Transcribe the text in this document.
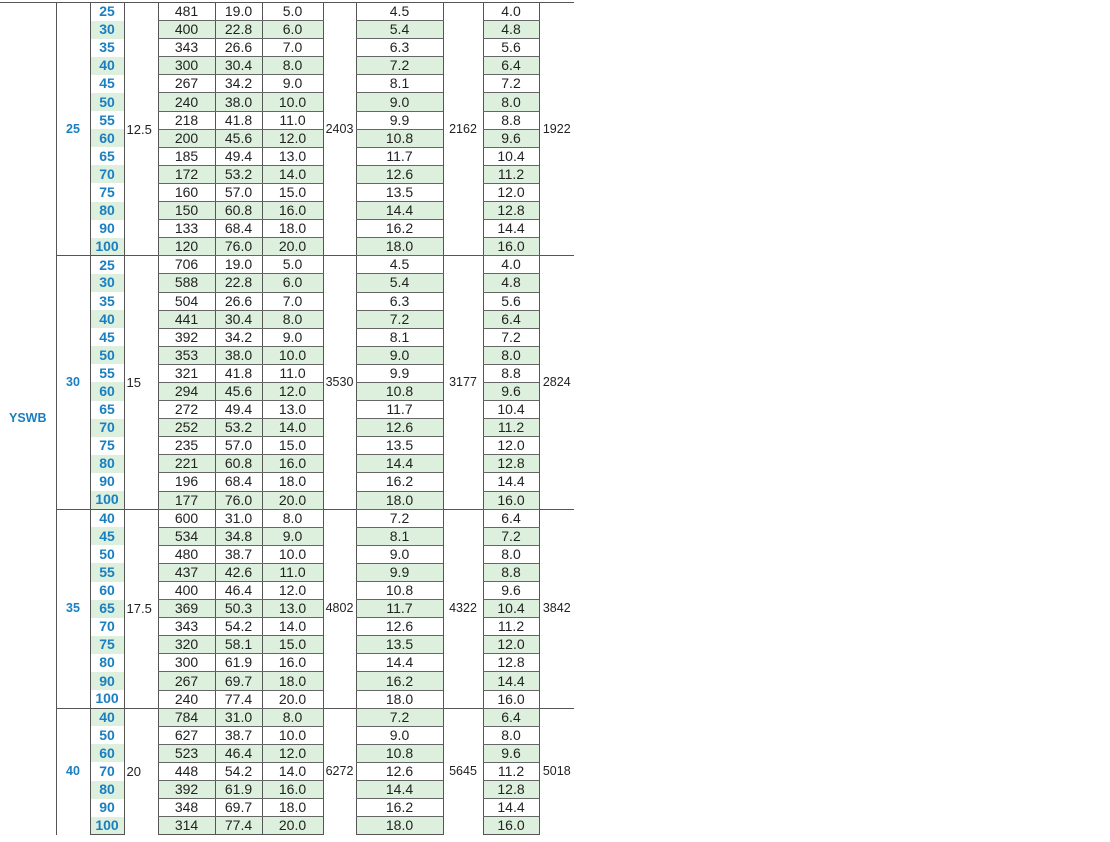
YSWB	25	25	12.5	481	19.0	5.0	2403	4.5	2162	4.0	1922
		30		400	22.8	6.0		5.4		4.8	
		35		343	26.6	7.0		6.3		5.6	
		40		300	30.4	8.0		7.2		6.4	
		45		267	34.2	9.0		8.1		7.2	
		50		240	38.0	10.0		9.0		8.0	
		55		218	41.8	11.0		9.9		8.8	
		60		200	45.6	12.0		10.8		9.6	
		65		185	49.4	13.0		11.7		10.4	
		70		172	53.2	14.0		12.6		11.2	
		75		160	57.0	15.0		13.5		12.0	
		80		150	60.8	16.0		14.4		12.8	
		90		133	68.4	18.0		16.2		14.4	
		100		120	76.0	20.0		18.0		16.0	
	30	25	15	706	19.0	5.0	3530	4.5	3177	4.0	2824
		30		588	22.8	6.0		5.4		4.8	
		35		504	26.6	7.0		6.3		5.6	
		40		441	30.4	8.0		7.2		6.4	
		45		392	34.2	9.0		8.1		7.2	
		50		353	38.0	10.0		9.0		8.0	
		55		321	41.8	11.0		9.9		8.8	
		60		294	45.6	12.0		10.8		9.6	
		65		272	49.4	13.0		11.7		10.4	
		70		252	53.2	14.0		12.6		11.2	
		75		235	57.0	15.0		13.5		12.0	
		80		221	60.8	16.0		14.4		12.8	
		90		196	68.4	18.0		16.2		14.4	
		100		177	76.0	20.0		18.0		16.0	
	35	40	17.5	600	31.0	8.0	4802	7.2	4322	6.4	3842
		45		534	34.8	9.0		8.1		7.2	
		50		480	38.7	10.0		9.0		8.0	
		55		437	42.6	11.0		9.9		8.8	
		60		400	46.4	12.0		10.8		9.6	
		65		369	50.3	13.0		11.7		10.4	
		70		343	54.2	14.0		12.6		11.2	
		75		320	58.1	15.0		13.5		12.0	
		80		300	61.9	16.0		14.4		12.8	
		90		267	69.7	18.0		16.2		14.4	
		100		240	77.4	20.0		18.0		16.0	
	40	40	20	784	31.0	8.0	6272	7.2	5645	6.4	5018
		50		627	38.7	10.0		9.0		8.0	
		60		523	46.4	12.0		10.8		9.6	
		70		448	54.2	14.0		12.6		11.2	
		80		392	61.9	16.0		14.4		12.8	
		90		348	69.7	18.0		16.2		14.4	
		100		314	77.4	20.0		18.0		16.0	
